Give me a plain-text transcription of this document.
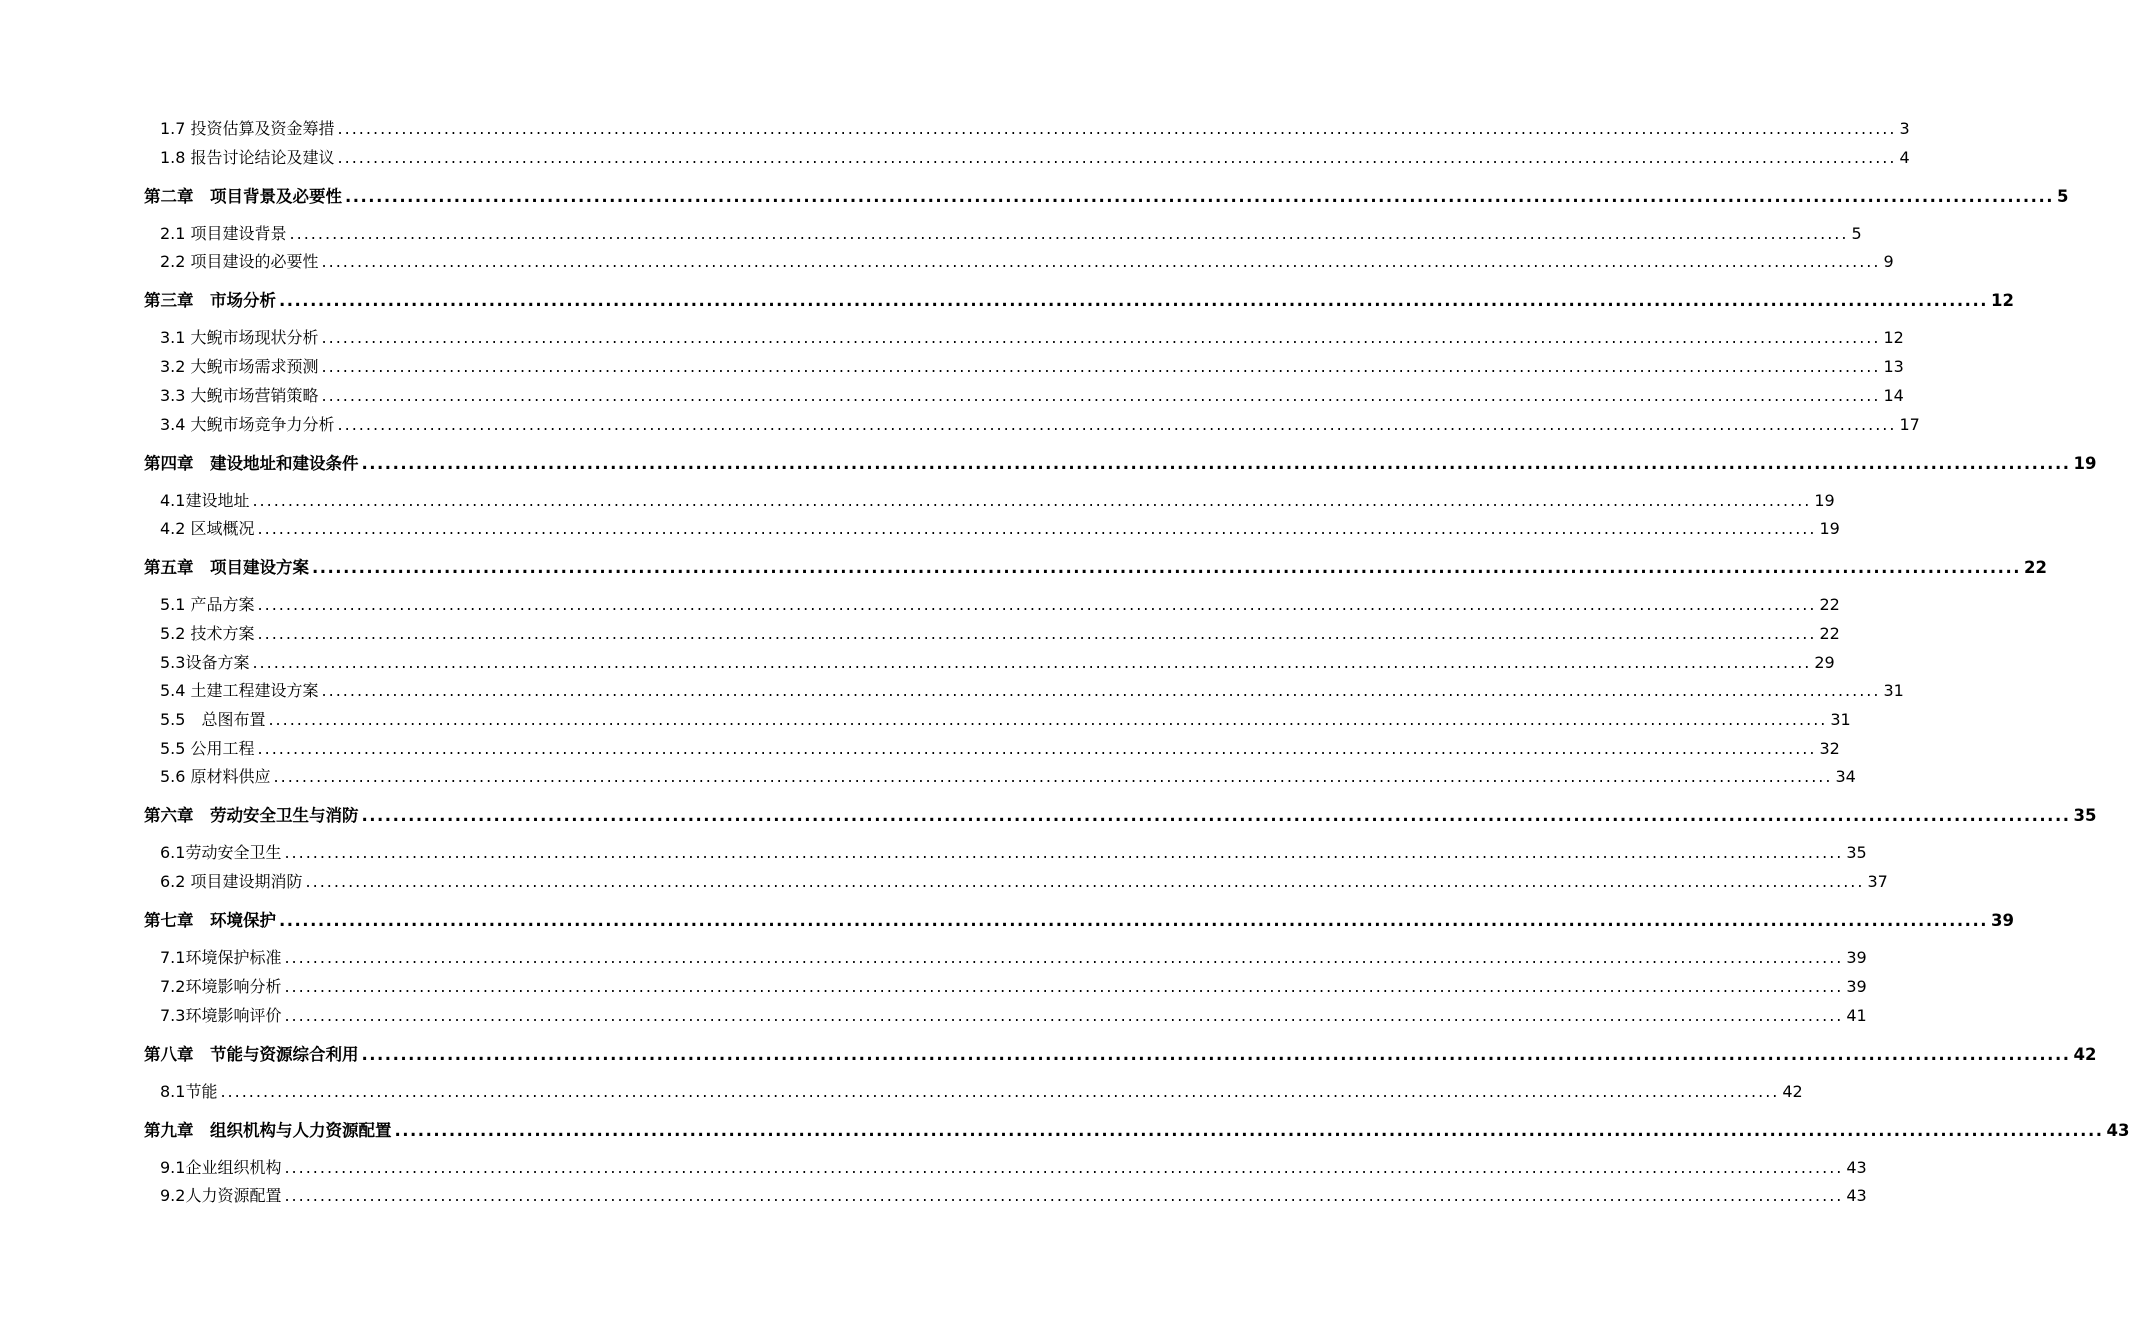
1.7 投资估算及资金筹措 ............................................................................................................................................................................................................................ 3
1.8 报告讨论结论及建议 ............................................................................................................................................................................................................................ 4
第二章　项目背景及必要性 ............................................................................................................................................................................................................................ 5
2.1 项目建设背景 ............................................................................................................................................................................................................................ 5
2.2 项目建设的必要性 ............................................................................................................................................................................................................................ 9
第三章　市场分析 ............................................................................................................................................................................................................................ 12
3.1 大鲵市场现状分析 ............................................................................................................................................................................................................................ 12
3.2 大鲵市场需求预测 ............................................................................................................................................................................................................................ 13
3.3 大鲵市场营销策略 ............................................................................................................................................................................................................................ 14
3.4 大鲵市场竞争力分析 ............................................................................................................................................................................................................................ 17
第四章　建设地址和建设条件 ............................................................................................................................................................................................................................ 19
4.1建设地址 ............................................................................................................................................................................................................................ 19
4.2 区域概况 ............................................................................................................................................................................................................................ 19
第五章　项目建设方案 ............................................................................................................................................................................................................................ 22
5.1 产品方案 ............................................................................................................................................................................................................................ 22
5.2 技术方案 ............................................................................................................................................................................................................................ 22
5.3设备方案 ............................................................................................................................................................................................................................ 29
5.4 土建工程建设方案 ............................................................................................................................................................................................................................ 31
5.5　总图布置 ............................................................................................................................................................................................................................ 31
5.5 公用工程 ............................................................................................................................................................................................................................ 32
5.6 原材料供应 ............................................................................................................................................................................................................................ 34
第六章　劳动安全卫生与消防 ............................................................................................................................................................................................................................ 35
6.1劳动安全卫生 ............................................................................................................................................................................................................................ 35
6.2 项目建设期消防 ............................................................................................................................................................................................................................ 37
第七章　环境保护 ............................................................................................................................................................................................................................ 39
7.1环境保护标准 ............................................................................................................................................................................................................................ 39
7.2环境影响分析 ............................................................................................................................................................................................................................ 39
7.3环境影响评价 ............................................................................................................................................................................................................................ 41
第八章　节能与资源综合利用 ............................................................................................................................................................................................................................ 42
8.1节能 ............................................................................................................................................................................................................................ 42
第九章　组织机构与人力资源配置 ............................................................................................................................................................................................................................ 43
9.1企业组织机构 ............................................................................................................................................................................................................................ 43
9.2人力资源配置 ............................................................................................................................................................................................................................ 43
